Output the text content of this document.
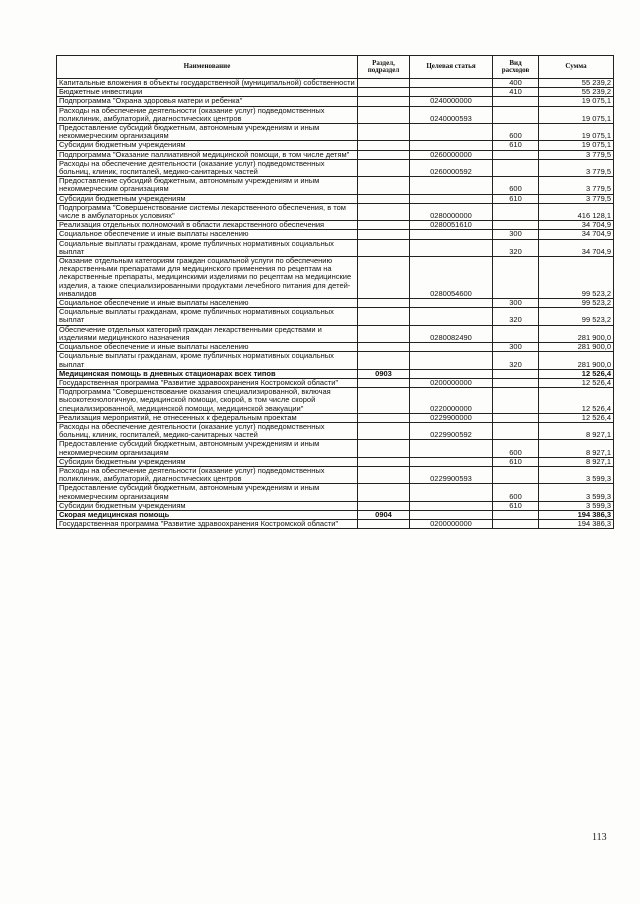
Наименование	Раздел, подраздел	Целевая статья	Вид расходов	Сумма
Капитальные вложения в объекты государственной (муниципальной) собственности			400	55 239,2
Бюджетные инвестиции			410	55 239,2
Подпрограмма "Охрана здоровья матери и ребенка"		0240000000		19 075,1
Расходы на обеспечение деятельности (оказание услуг) подведомственных поликлиник, амбулаторий, диагностических центров		0240000593		19 075,1
Предоставление субсидий бюджетным, автономным учреждениям и иным некоммерческим организациям			600	19 075,1
Субсидии бюджетным учреждениям			610	19 075,1
Подпрограмма "Оказание паллиативной медицинской помощи, в том числе детям"		0260000000		3 779,5
Расходы на обеспечение деятельности (оказание услуг) подведомственных больниц, клиник, госпиталей, медико-санитарных частей		0260000592		3 779,5
Предоставление субсидий бюджетным, автономным учреждениям и иным некоммерческим организациям			600	3 779,5
Субсидии бюджетным учреждениям			610	3 779,5
Подпрограмма "Совершенствование системы лекарственного обеспечения, в том числе в амбулаторных условиях"		0280000000		416 128,1
Реализация отдельных полномочий в области лекарственного обеспечения		0280051610		34 704,9
Социальное обеспечение и иные выплаты населению			300	34 704,9
Социальные выплаты гражданам, кроме публичных нормативных социальных выплат			320	34 704,9
Оказание отдельным категориям граждан социальной услуги по обеспечению лекарственными препаратами для медицинского применения по рецептам на лекарственные препараты, медицинскими изделиями по рецептам на медицинские изделия, а также специализированными продуктами лечебного питания для детей-инвалидов		0280054600		99 523,2
Социальное обеспечение и иные выплаты населению			300	99 523,2
Социальные выплаты гражданам, кроме публичных нормативных социальных выплат			320	99 523,2
Обеспечение отдельных категорий граждан лекарственными средствами и изделиями медицинского назначения		0280082490		281 900,0
Социальное обеспечение и иные выплаты населению			300	281 900,0
Социальные выплаты гражданам, кроме публичных нормативных социальных выплат			320	281 900,0
Медицинская помощь в дневных стационарах всех типов	0903			12 526,4
Государственная программа "Развитие здравоохранения Костромской области"		0200000000		12 526,4
Подпрограмма "Совершенствование оказания специализированной, включая высокотехнологичную, медицинской помощи, скорой, в том числе скорой специализированной, медицинской помощи, медицинской эвакуации"		0220000000		12 526,4
Реализация мероприятий, не отнесенных к федеральным проектам		0229900000		12 526,4
Расходы на обеспечение деятельности (оказание услуг) подведомственных больниц, клиник, госпиталей, медико-санитарных частей		0229900592		8 927,1
Предоставление субсидий бюджетным, автономным учреждениям и иным некоммерческим организациям			600	8 927,1
Субсидии бюджетным учреждениям			610	8 927,1
Расходы на обеспечение деятельности (оказание услуг) подведомственных поликлиник, амбулаторий, диагностических центров		0229900593		3 599,3
Предоставление субсидий бюджетным, автономным учреждениям и иным некоммерческим организациям			600	3 599,3
Субсидии бюджетным учреждениям			610	3 599,3
Скорая медицинская помощь	0904			194 386,3
Государственная программа "Развитие здравоохранения Костромской области"		0200000000		194 386,3
113
